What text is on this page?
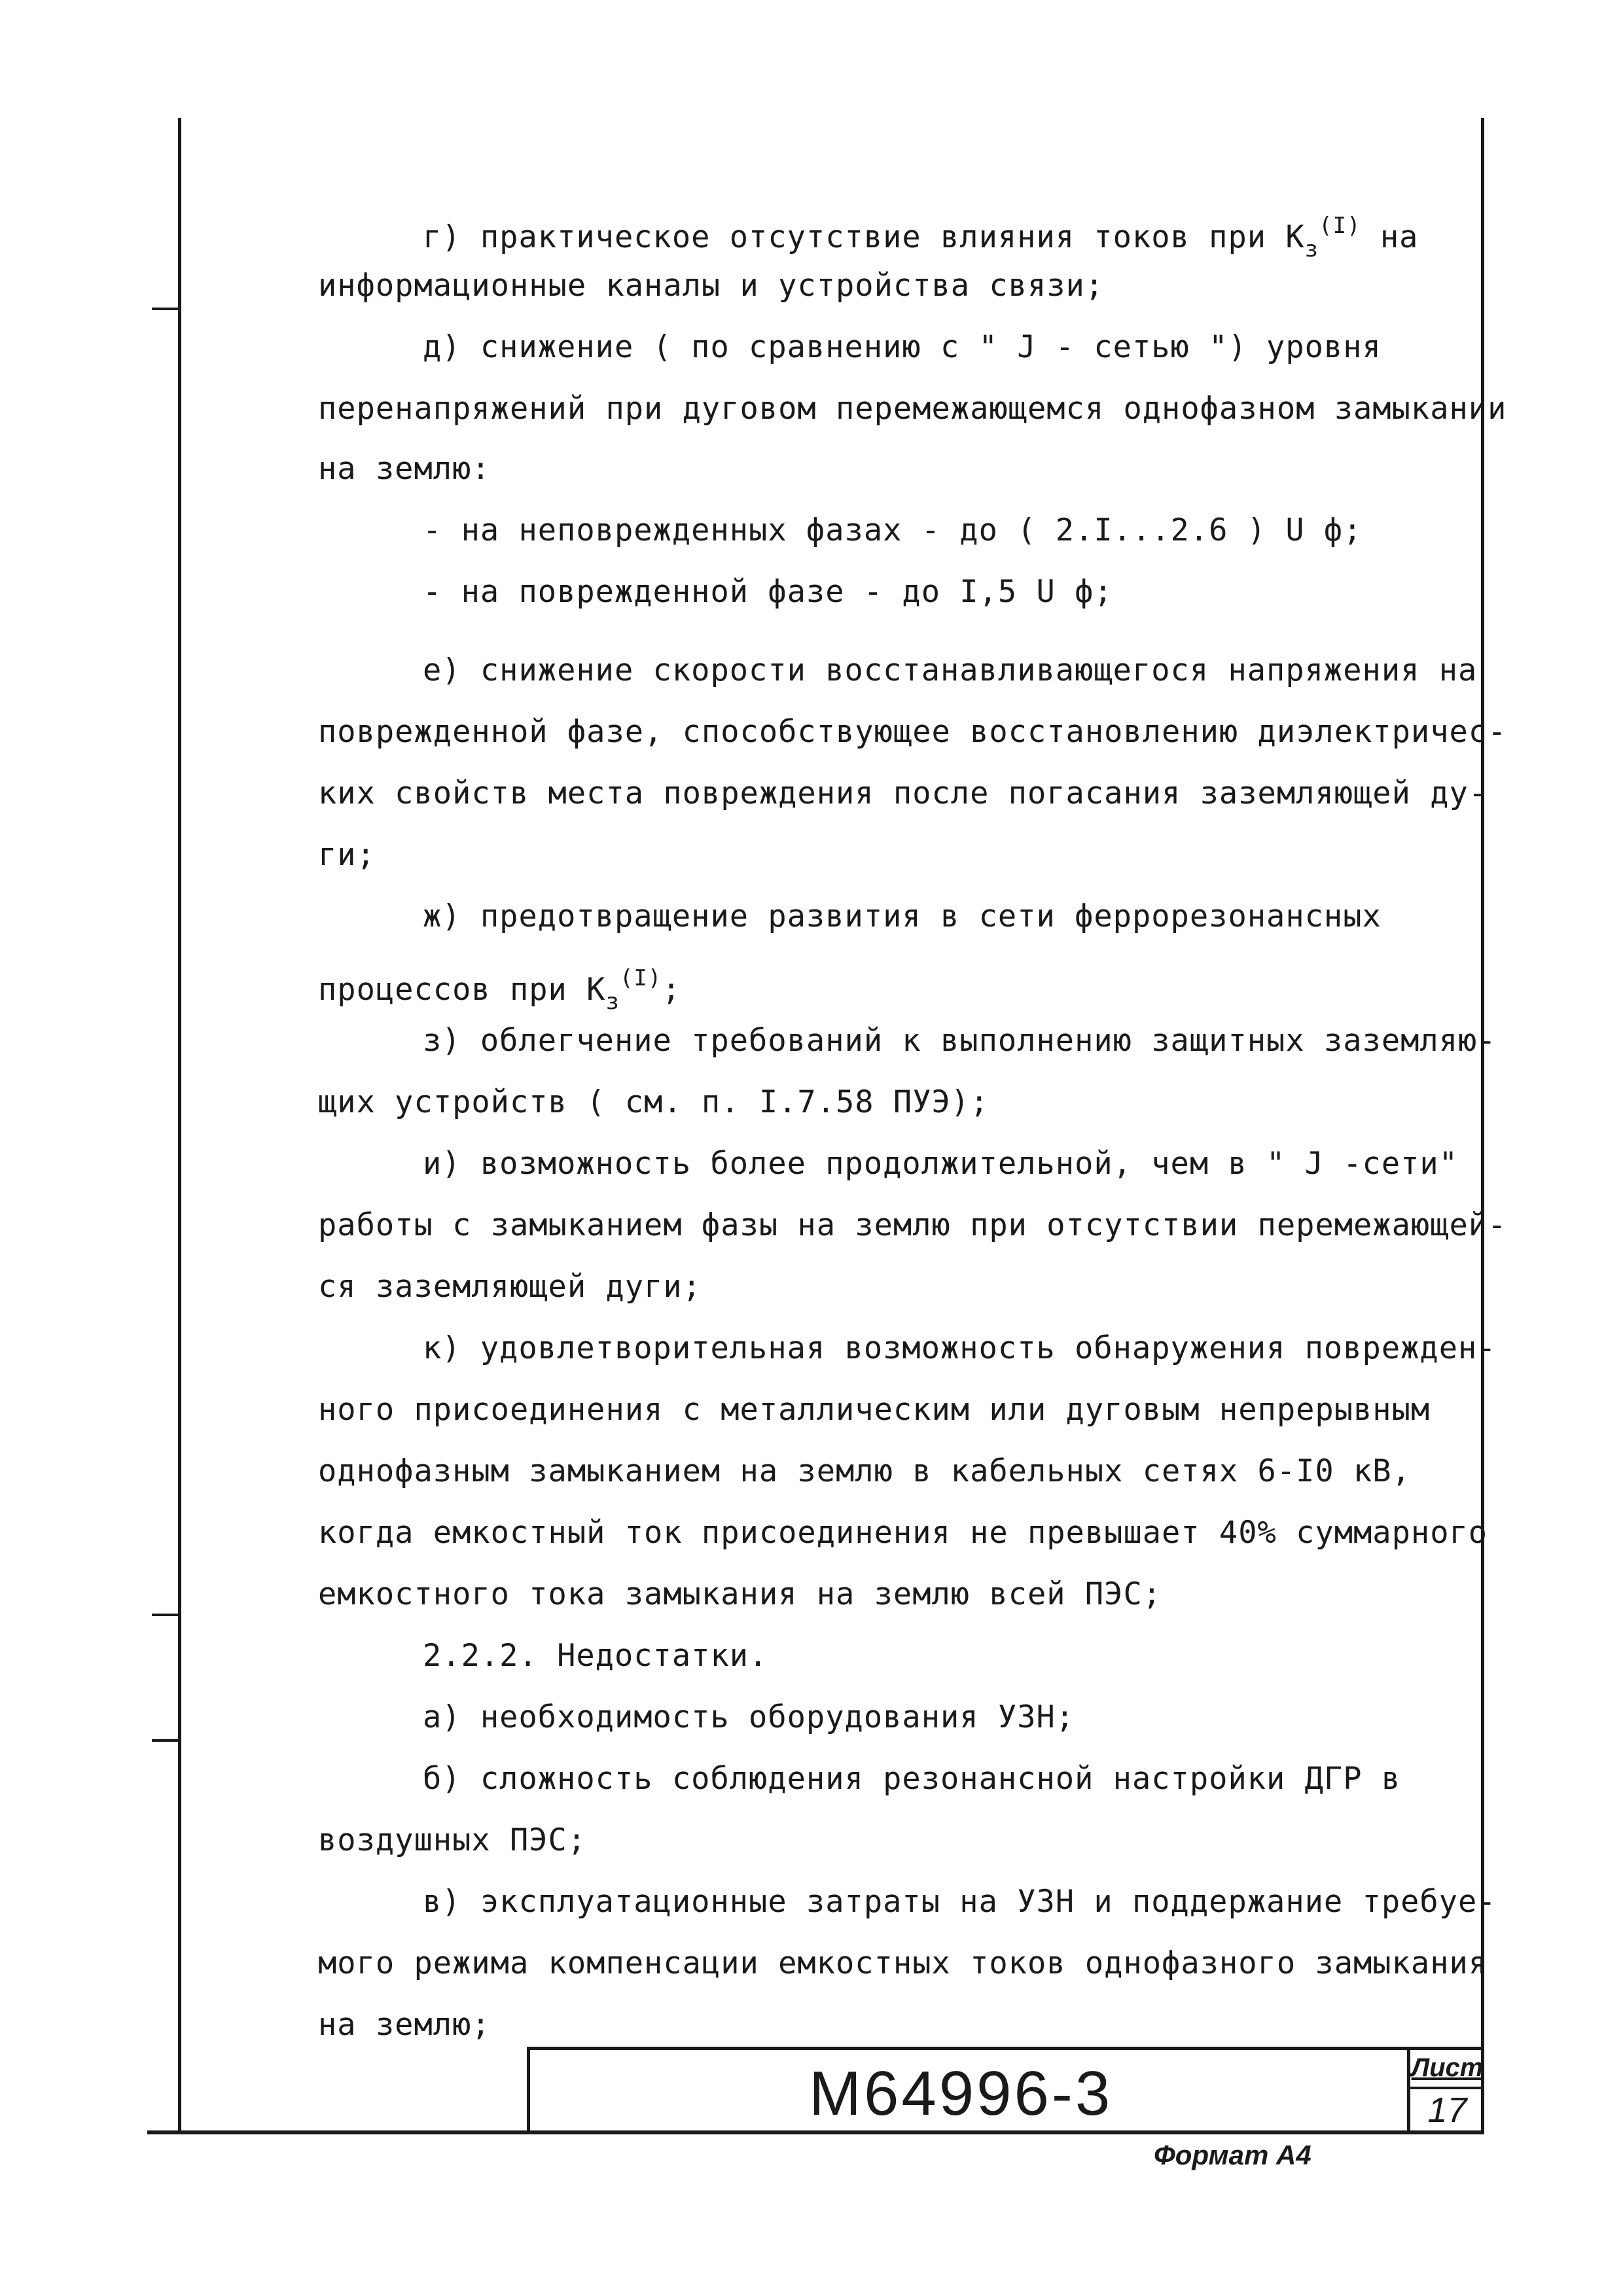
г) практическое отсутствие влияния токов при $К_з^{(I)}$ на
информационные каналы и устройства связи;
д) снижение ( по сравнению с " J - сетью ") уровня
перенапряжений при дуговом перемежающемся однофазном замыкании
на землю:
- на неповрежденных фазах - до ( 2.I...2.6 ) U ф;
- на поврежденной фазе - до I,5 U ф;
е) снижение скорости восстанавливающегося напряжения на
поврежденной фазе, способствующее восстановлению диэлектричес-
ких свойств места повреждения после погасания заземляющей ду-
ги;
ж) предотвращение развития в сети феррорезонансных
процессов при $К_з^{(I)}$;
з) облегчение требований к выполнению защитных заземляю-
щих устройств ( см. п. I.7.58 ПУЭ);
и) возможность более продолжительной, чем в " J -сети"
работы с замыканием фазы на землю при отсутствии перемежающей-
ся заземляющей дуги;
к) удовлетворительная возможность обнаружения поврежден-
ного присоединения с металлическим или дуговым непрерывным
однофазным замыканием на землю в кабельных сетях 6-I0 кВ,
когда емкостный ток присоединения не превышает 40% суммарного
емкостного тока замыкания на землю всей ПЭС;
2.2.2. Недостатки.
а) необходимость оборудования УЗН;
б) сложность соблюдения резонансной настройки ДГР в
воздушных ПЭС;
в) эксплуатационные затраты на УЗН и поддержание требуе-
мого режима компенсации емкостных токов однофазного замыкания
на землю;
М64996-3	Лист
17
Формат А4
